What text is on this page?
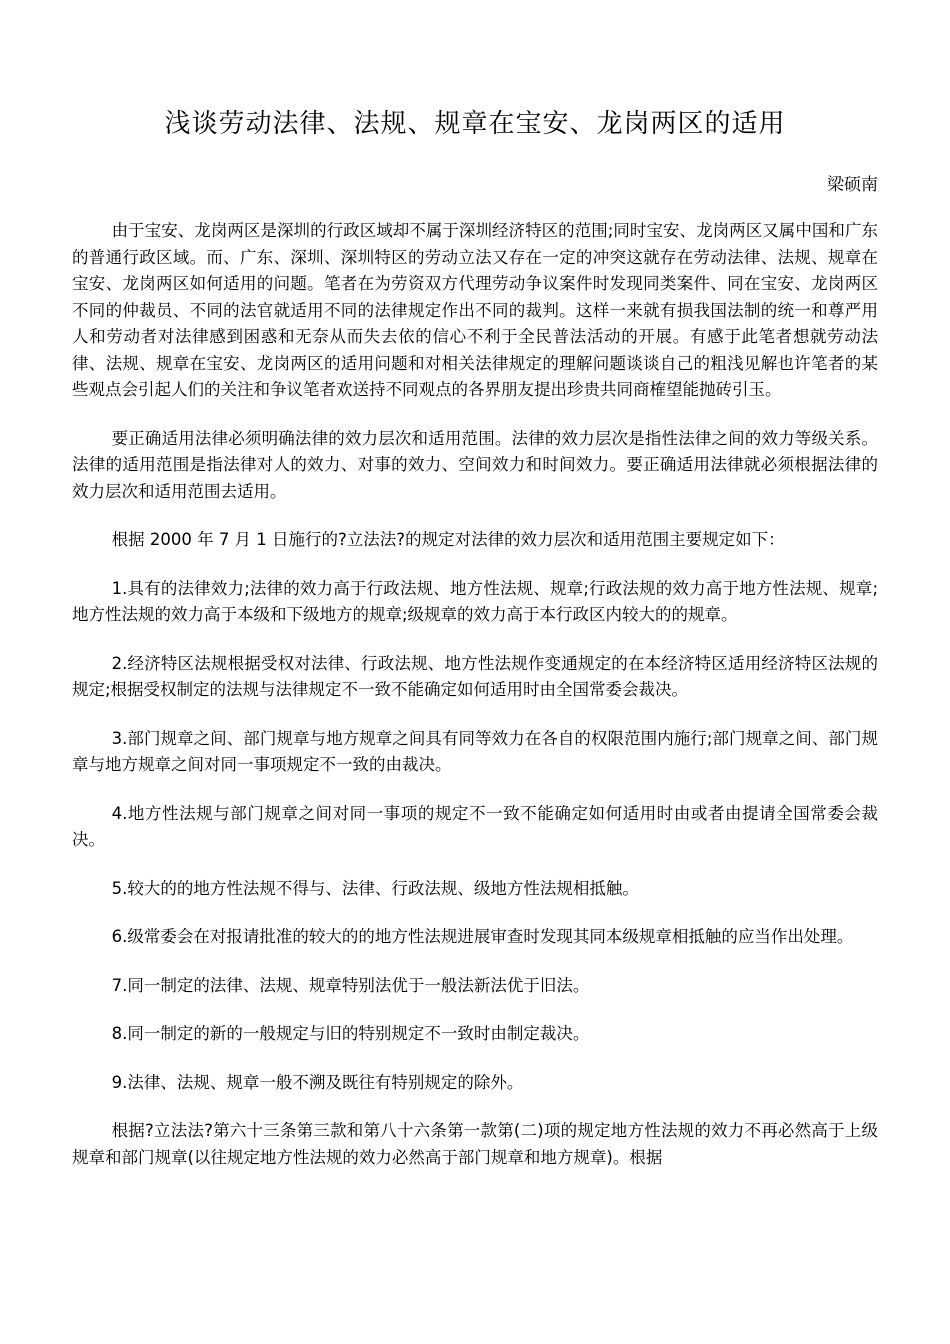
浅谈劳动法律、法规、规章在宝安、龙岗两区的适用

梁硕南

由于宝安、龙岗两区是深圳的行政区域却不属于深圳经济特区的范围;同时宝安、龙岗两区又属中国和广东的普通行政区域。而、广东、深圳、深圳特区的劳动立法又存在一定的冲突这就存在劳动法律、法规、规章在宝安、龙岗两区如何适用的问题。笔者在为劳资双方代理劳动争议案件时发现同类案件、同在宝安、龙岗两区不同的仲裁员、不同的法官就适用不同的法律规定作出不同的裁判。这样一来就有损我国法制的统一和尊严用人和劳动者对法律感到困惑和无奈从而失去依的信心不利于全民普法活动的开展。有感于此笔者想就劳动法律、法规、规章在宝安、龙岗两区的适用问题和对相关法律规定的理解问题谈谈自己的粗浅见解也许笔者的某些观点会引起人们的关注和争议笔者欢送持不同观点的各界朋友提出珍贵共同商榷望能抛砖引玉。

要正确适用法律必须明确法律的效力层次和适用范围。法律的效力层次是指性法律之间的效力等级关系。法律的适用范围是指法律对人的效力、对事的效力、空间效力和时间效力。要正确适用法律就必须根据法律的效力层次和适用范围去适用。

根据 2000 年 7 月 1 日施行的?立法法?的规定对法律的效力层次和适用范围主要规定如下：

1.具有的法律效力;法律的效力高于行政法规、地方性法规、规章;行政法规的效力高于地方性法规、规章;地方性法规的效力高于本级和下级地方的规章;级规章的效力高于本行政区内较大的的规章。

2.经济特区法规根据受权对法律、行政法规、地方性法规作变通规定的在本经济特区适用经济特区法规的规定;根据受权制定的法规与法律规定不一致不能确定如何适用时由全国常委会裁决。

3.部门规章之间、部门规章与地方规章之间具有同等效力在各自的权限范围内施行;部门规章之间、部门规章与地方规章之间对同一事项规定不一致的由裁决。

4.地方性法规与部门规章之间对同一事项的规定不一致不能确定如何适用时由或者由提请全国常委会裁决。

5.较大的的地方性法规不得与、法律、行政法规、级地方性法规相抵触。

6.级常委会在对报请批准的较大的的地方性法规进展审查时发现其同本级规章相抵触的应当作出处理。

7.同一制定的法律、法规、规章特别法优于一般法新法优于旧法。

8.同一制定的新的一般规定与旧的特别规定不一致时由制定裁决。

9.法律、法规、规章一般不溯及既往有特别规定的除外。

根据?立法法?第六十三条第三款和第八十六条第一款第(二)项的规定地方性法规的效力不再必然高于上级规章和部门规章(以往规定地方性法规的效力必然高于部门规章和地方规章)。根据
